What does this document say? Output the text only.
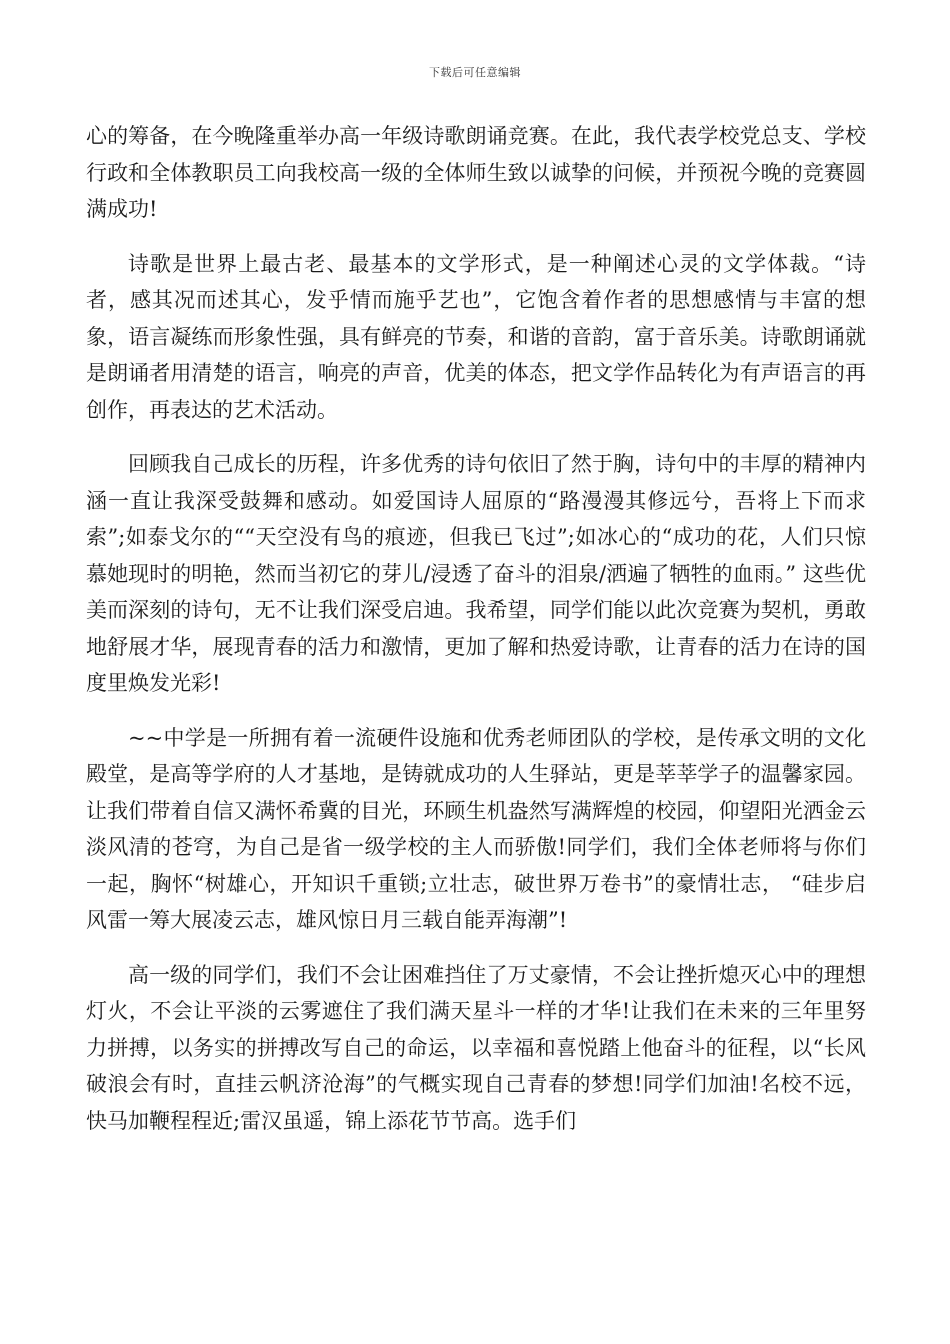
下载后可任意编辑

心的筹备，在今晚隆重举办高一年级诗歌朗诵竞赛。在此，我代表学校党总支、学校行政和全体教职员工向我校高一级的全体师生致以诚挚的问候，并预祝今晚的竞赛圆满成功!

诗歌是世界上最古老、最基本的文学形式，是一种阐述心灵的文学体裁。“诗者，感其况而述其心，发乎情而施乎艺也”，它饱含着作者的思想感情与丰富的想象，语言凝练而形象性强，具有鲜亮的节奏，和谐的音韵，富于音乐美。诗歌朗诵就是朗诵者用清楚的语言，响亮的声音，优美的体态，把文学作品转化为有声语言的再创作，再表达的艺术活动。

回顾我自己成长的历程，许多优秀的诗句依旧了然于胸，诗句中的丰厚的精神内涵一直让我深受鼓舞和感动。如爱国诗人屈原的“路漫漫其修远兮，吾将上下而求索”;如泰戈尔的““天空没有鸟的痕迹，但我已飞过”;如冰心的“成功的花，人们只惊慕她现时的明艳，然而当初它的芽儿/浸透了奋斗的泪泉/洒遍了牺牲的血雨。” 这些优美而深刻的诗句，无不让我们深受启迪。我希望，同学们能以此次竞赛为契机，勇敢地舒展才华，展现青春的活力和激情，更加了解和热爱诗歌，让青春的活力在诗的国度里焕发光彩!

~~中学是一所拥有着一流硬件设施和优秀老师团队的学校，是传承文明的文化殿堂，是高等学府的人才基地，是铸就成功的人生驿站，更是莘莘学子的温馨家园。让我们带着自信又满怀希冀的目光，环顾生机盎然写满辉煌的校园，仰望阳光洒金云淡风清的苍穹，为自己是省一级学校的主人而骄傲!同学们，我们全体老师将与你们一起，胸怀“树雄心，开知识千重锁;立壮志，破世界万卷书”的豪情壮志， “硅步启风雷一筹大展凌云志，雄风惊日月三载自能弄海潮”!

高一级的同学们，我们不会让困难挡住了万丈豪情，不会让挫折熄灭心中的理想灯火，不会让平淡的云雾遮住了我们满天星斗一样的才华!让我们在未来的三年里努力拼搏，以务实的拼搏改写自己的命运，以幸福和喜悦踏上他奋斗的征程，以“长风破浪会有时，直挂云帆济沧海”的气概实现自己青春的梦想!同学们加油!名校不远，快马加鞭程程近;雷汉虽遥，锦上添花节节高。选手们
